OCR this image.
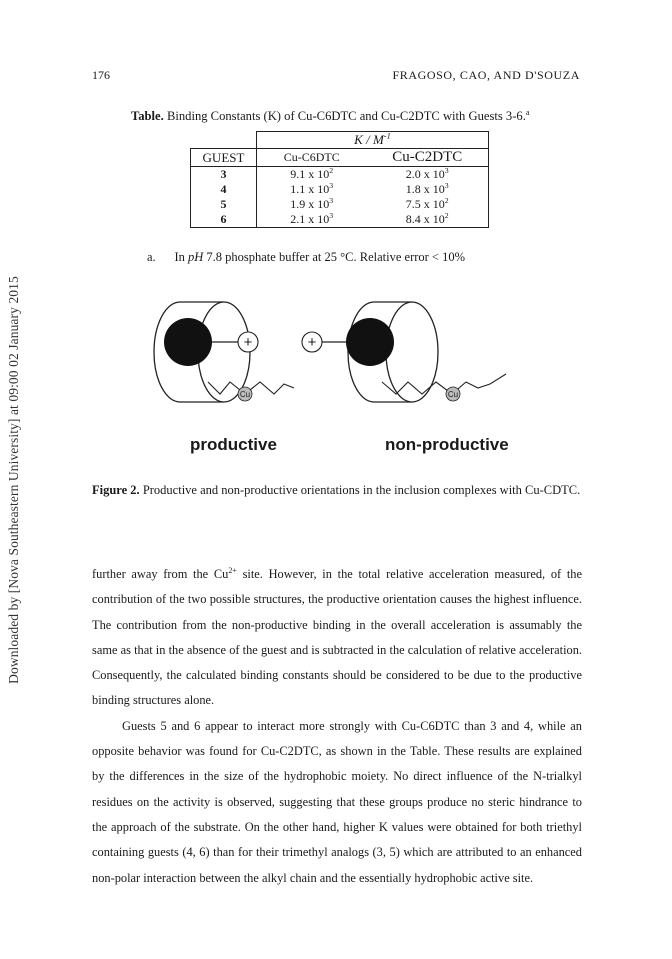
Downloaded by [Nova Southeastern University] at 09:00 02 January 2015
176	FRAGOSO, CAO, AND D'SOUZA
Table. Binding Constants (K) of Cu-C6DTC and Cu-C2DTC with Guests 3-6.$^a$
	K / $M^{-1}$
GUEST	Cu-C6DTC	Cu-C2DTC
3	9.1 x $10^2$	2.0 x $10^3$
4	1.1 x $10^3$	1.8 x $10^3$
5	1.9 x $10^3$	7.5 x $10^2$
6	2.1 x $10^3$	8.4 x $10^2$
a. In pH 7.8 phosphate buffer at 25 °C. Relative error < 10%
+
Cu
+
Cu
productive	non-productive
Figure 2. Productive and non-productive orientations in the inclusion complexes with Cu-CDTC.

further away from the $Cu^{2+}$ site. However, in the total relative acceleration measured, of the contribution of the two possible structures, the productive orientation causes the highest influence. The contribution from the non-productive binding in the overall acceleration is assumably the same as that in the absence of the guest and is subtracted in the calculation of relative acceleration. Consequently, the calculated binding constants should be considered to be due to the productive binding structures alone.

Guests 5 and 6 appear to interact more strongly with Cu-C6DTC than 3 and 4, while an opposite behavior was found for Cu-C2DTC, as shown in the Table. These results are explained by the differences in the size of the hydrophobic moiety. No direct influence of the N-trialkyl residues on the activity is observed, suggesting that these groups produce no steric hindrance to the approach of the substrate. On the other hand, higher K values were obtained for both triethyl containing guests (4, 6) than for their trimethyl analogs (3, 5) which are attributed to an enhanced non-polar interaction between the alkyl chain and the essentially hydrophobic active site.
